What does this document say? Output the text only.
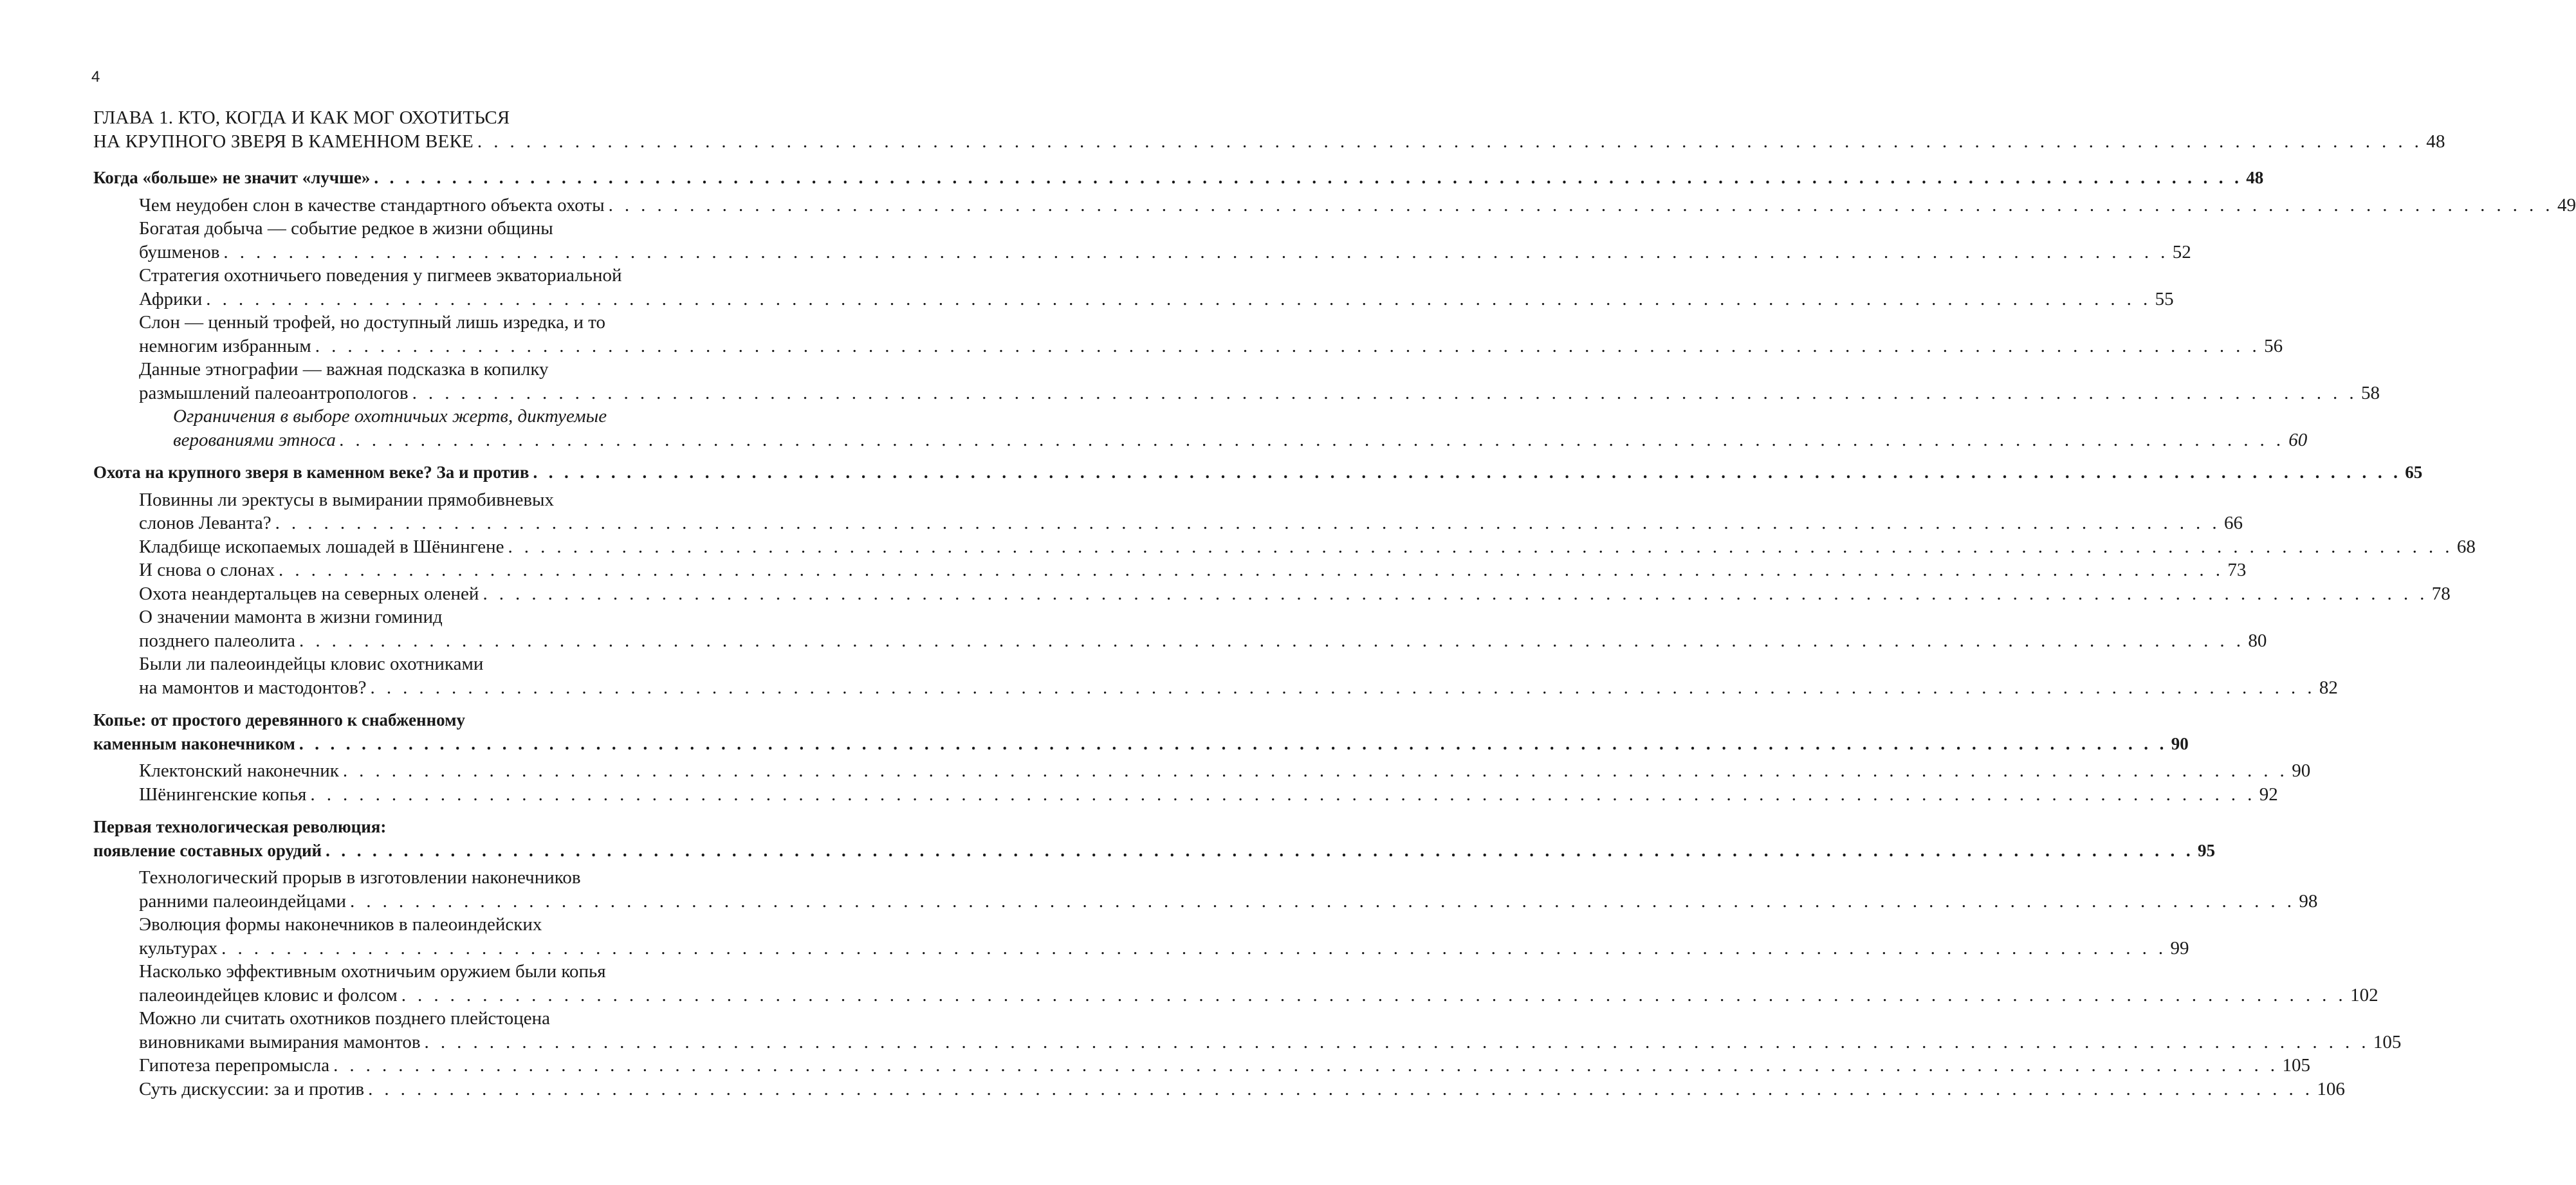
4
ГЛАВА 1. КТО, КОГДА И КАК МОГ ОХОТИТЬСЯ
НА КРУПНОГО ЗВЕРЯ В КАМЕННОМ ВЕКЕ . . . . . . . . . . . . . . . . . . . . . . . . . . . . . . . . . . . . . . . . . . . . . . . . . . . . . . . . . . . . . . . . . . . . . . . . . . . . . . . . . . . . . . . . . . . . . . . . . . . . . . . . . . . . . . . . . . . . . . . . 48
Когда «больше» не значит «лучше» . . . . . . . . . . . . . . . . . . . . . . . . . . . . . . . . . . . . . . . . . . . . . . . . . . . . . . . . . . . . . . . . . . . . . . . . . . . . . . . . . . . . . . . . . . . . . . . . . . . . . . . . . . . . . . . . . . . . . . . . 48
Чем неудобен слон в качестве стандартного объекта охоты . . . . . . . . . . . . . . . . . . . . . . . . . . . . . . . . . . . . . . . . . . . . . . . . . . . . . . . . . . . . . . . . . . . . . . . . . . . . . . . . . . . . . . . . . . . . . . . . . . . . . . . . . . . . . . . . . . . . . . . . 49
Богатая добыча — событие редкое в жизни общины
бушменов . . . . . . . . . . . . . . . . . . . . . . . . . . . . . . . . . . . . . . . . . . . . . . . . . . . . . . . . . . . . . . . . . . . . . . . . . . . . . . . . . . . . . . . . . . . . . . . . . . . . . . . . . . . . . . . . . . . . . . . . 52
Стратегия охотничьего поведения у пигмеев экваториальной
Африки . . . . . . . . . . . . . . . . . . . . . . . . . . . . . . . . . . . . . . . . . . . . . . . . . . . . . . . . . . . . . . . . . . . . . . . . . . . . . . . . . . . . . . . . . . . . . . . . . . . . . . . . . . . . . . . . . . . . . . . . 55
Слон — ценный трофей, но доступный лишь изредка, и то
немногим избранным . . . . . . . . . . . . . . . . . . . . . . . . . . . . . . . . . . . . . . . . . . . . . . . . . . . . . . . . . . . . . . . . . . . . . . . . . . . . . . . . . . . . . . . . . . . . . . . . . . . . . . . . . . . . . . . . . . . . . . . . 56
Данные этнографии — важная подсказка в копилку
размышлений палеоантропологов . . . . . . . . . . . . . . . . . . . . . . . . . . . . . . . . . . . . . . . . . . . . . . . . . . . . . . . . . . . . . . . . . . . . . . . . . . . . . . . . . . . . . . . . . . . . . . . . . . . . . . . . . . . . . . . . . . . . . . . . 58
Ограничения в выборе охотничьих жертв, диктуемые
верованиями этноса . . . . . . . . . . . . . . . . . . . . . . . . . . . . . . . . . . . . . . . . . . . . . . . . . . . . . . . . . . . . . . . . . . . . . . . . . . . . . . . . . . . . . . . . . . . . . . . . . . . . . . . . . . . . . . . . . . . . . . . . 60
Охота на крупного зверя в каменном веке? За и против . . . . . . . . . . . . . . . . . . . . . . . . . . . . . . . . . . . . . . . . . . . . . . . . . . . . . . . . . . . . . . . . . . . . . . . . . . . . . . . . . . . . . . . . . . . . . . . . . . . . . . . . . . . . . . . . . . . . . . . . 65
Повинны ли эректусы в вымирании прямобивневых
слонов Леванта? . . . . . . . . . . . . . . . . . . . . . . . . . . . . . . . . . . . . . . . . . . . . . . . . . . . . . . . . . . . . . . . . . . . . . . . . . . . . . . . . . . . . . . . . . . . . . . . . . . . . . . . . . . . . . . . . . . . . . . . . 66
Кладбище ископаемых лошадей в Шёнингене . . . . . . . . . . . . . . . . . . . . . . . . . . . . . . . . . . . . . . . . . . . . . . . . . . . . . . . . . . . . . . . . . . . . . . . . . . . . . . . . . . . . . . . . . . . . . . . . . . . . . . . . . . . . . . . . . . . . . . . . 68
И снова о слонах . . . . . . . . . . . . . . . . . . . . . . . . . . . . . . . . . . . . . . . . . . . . . . . . . . . . . . . . . . . . . . . . . . . . . . . . . . . . . . . . . . . . . . . . . . . . . . . . . . . . . . . . . . . . . . . . . . . . . . . . 73
Охота неандертальцев на северных оленей . . . . . . . . . . . . . . . . . . . . . . . . . . . . . . . . . . . . . . . . . . . . . . . . . . . . . . . . . . . . . . . . . . . . . . . . . . . . . . . . . . . . . . . . . . . . . . . . . . . . . . . . . . . . . . . . . . . . . . . . 78
О значении мамонта в жизни гоминид
позднего палеолита . . . . . . . . . . . . . . . . . . . . . . . . . . . . . . . . . . . . . . . . . . . . . . . . . . . . . . . . . . . . . . . . . . . . . . . . . . . . . . . . . . . . . . . . . . . . . . . . . . . . . . . . . . . . . . . . . . . . . . . . 80
Были ли палеоиндейцы кловис охотниками
на мамонтов и мастодонтов? . . . . . . . . . . . . . . . . . . . . . . . . . . . . . . . . . . . . . . . . . . . . . . . . . . . . . . . . . . . . . . . . . . . . . . . . . . . . . . . . . . . . . . . . . . . . . . . . . . . . . . . . . . . . . . . . . . . . . . . . 82
Копье: от простого деревянного к снабженному
каменным наконечником . . . . . . . . . . . . . . . . . . . . . . . . . . . . . . . . . . . . . . . . . . . . . . . . . . . . . . . . . . . . . . . . . . . . . . . . . . . . . . . . . . . . . . . . . . . . . . . . . . . . . . . . . . . . . . . . . . . . . . . . 90
Клектонский наконечник . . . . . . . . . . . . . . . . . . . . . . . . . . . . . . . . . . . . . . . . . . . . . . . . . . . . . . . . . . . . . . . . . . . . . . . . . . . . . . . . . . . . . . . . . . . . . . . . . . . . . . . . . . . . . . . . . . . . . . . . 90
Шёнингенские копья . . . . . . . . . . . . . . . . . . . . . . . . . . . . . . . . . . . . . . . . . . . . . . . . . . . . . . . . . . . . . . . . . . . . . . . . . . . . . . . . . . . . . . . . . . . . . . . . . . . . . . . . . . . . . . . . . . . . . . . . 92
Первая технологическая революция:
появление составных орудий . . . . . . . . . . . . . . . . . . . . . . . . . . . . . . . . . . . . . . . . . . . . . . . . . . . . . . . . . . . . . . . . . . . . . . . . . . . . . . . . . . . . . . . . . . . . . . . . . . . . . . . . . . . . . . . . . . . . . . . . 95
Технологический прорыв в изготовлении наконечников
ранними палеоиндейцами . . . . . . . . . . . . . . . . . . . . . . . . . . . . . . . . . . . . . . . . . . . . . . . . . . . . . . . . . . . . . . . . . . . . . . . . . . . . . . . . . . . . . . . . . . . . . . . . . . . . . . . . . . . . . . . . . . . . . . . . 98
Эволюция формы наконечников в палеоиндейских
культурах . . . . . . . . . . . . . . . . . . . . . . . . . . . . . . . . . . . . . . . . . . . . . . . . . . . . . . . . . . . . . . . . . . . . . . . . . . . . . . . . . . . . . . . . . . . . . . . . . . . . . . . . . . . . . . . . . . . . . . . . 99
Насколько эффективным охотничьим оружием были копья
палеоиндейцев кловис и фолсом . . . . . . . . . . . . . . . . . . . . . . . . . . . . . . . . . . . . . . . . . . . . . . . . . . . . . . . . . . . . . . . . . . . . . . . . . . . . . . . . . . . . . . . . . . . . . . . . . . . . . . . . . . . . . . . . . . . . . . . . 102
Можно ли считать охотников позднего плейстоцена
виновниками вымирания мамонтов . . . . . . . . . . . . . . . . . . . . . . . . . . . . . . . . . . . . . . . . . . . . . . . . . . . . . . . . . . . . . . . . . . . . . . . . . . . . . . . . . . . . . . . . . . . . . . . . . . . . . . . . . . . . . . . . . . . . . . . . 105
Гипотеза перепромысла . . . . . . . . . . . . . . . . . . . . . . . . . . . . . . . . . . . . . . . . . . . . . . . . . . . . . . . . . . . . . . . . . . . . . . . . . . . . . . . . . . . . . . . . . . . . . . . . . . . . . . . . . . . . . . . . . . . . . . . . 105
Суть дискуссии: за и против . . . . . . . . . . . . . . . . . . . . . . . . . . . . . . . . . . . . . . . . . . . . . . . . . . . . . . . . . . . . . . . . . . . . . . . . . . . . . . . . . . . . . . . . . . . . . . . . . . . . . . . . . . . . . . . . . . . . . . . . 106
